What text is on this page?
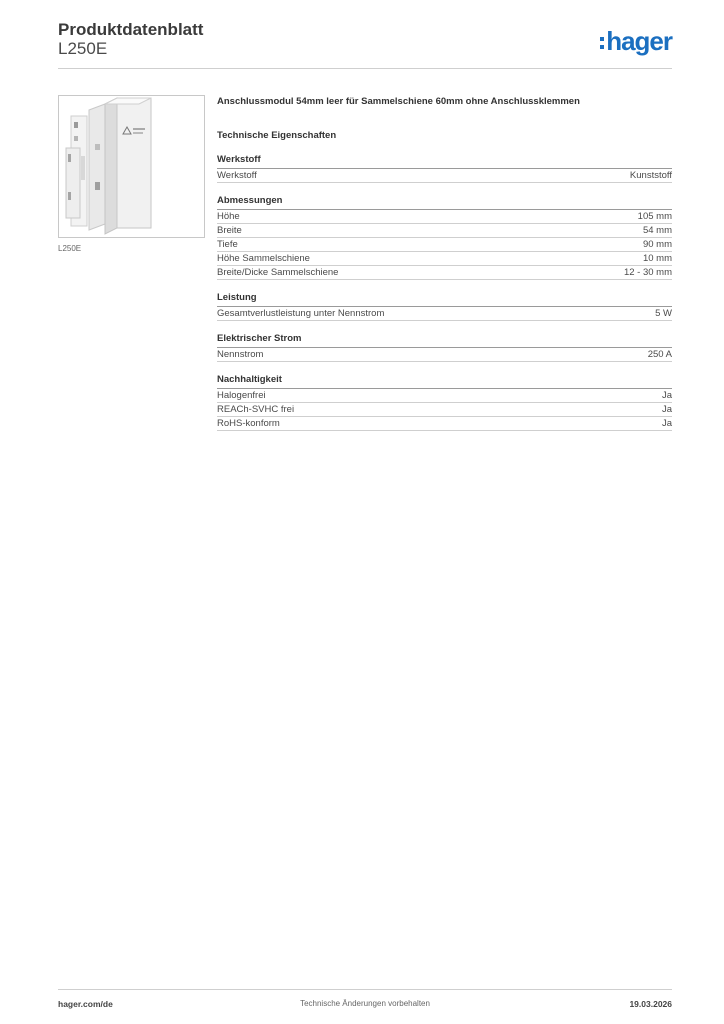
Produktdatenblatt
L250E	hager
L250E
Anschlussmodul 54mm leer für Sammelschiene 60mm ohne Anschlussklemmen
Technische Eigenschaften
Werkstoff
Werkstoff	Kunststoff
Abmessungen
Höhe	105 mm
Breite	54 mm
Tiefe	90 mm
Höhe Sammelschiene	10 mm
Breite/Dicke Sammelschiene	12 - 30 mm
Leistung
Gesamtverlustleistung unter Nennstrom	5 W
Elektrischer Strom
Nennstrom	250 A
Nachhaltigkeit
Halogenfrei	Ja
REACh-SVHC frei	Ja
RoHS-konform	Ja
hager.com/de	Technische Änderungen vorbehalten	19.03.2026
